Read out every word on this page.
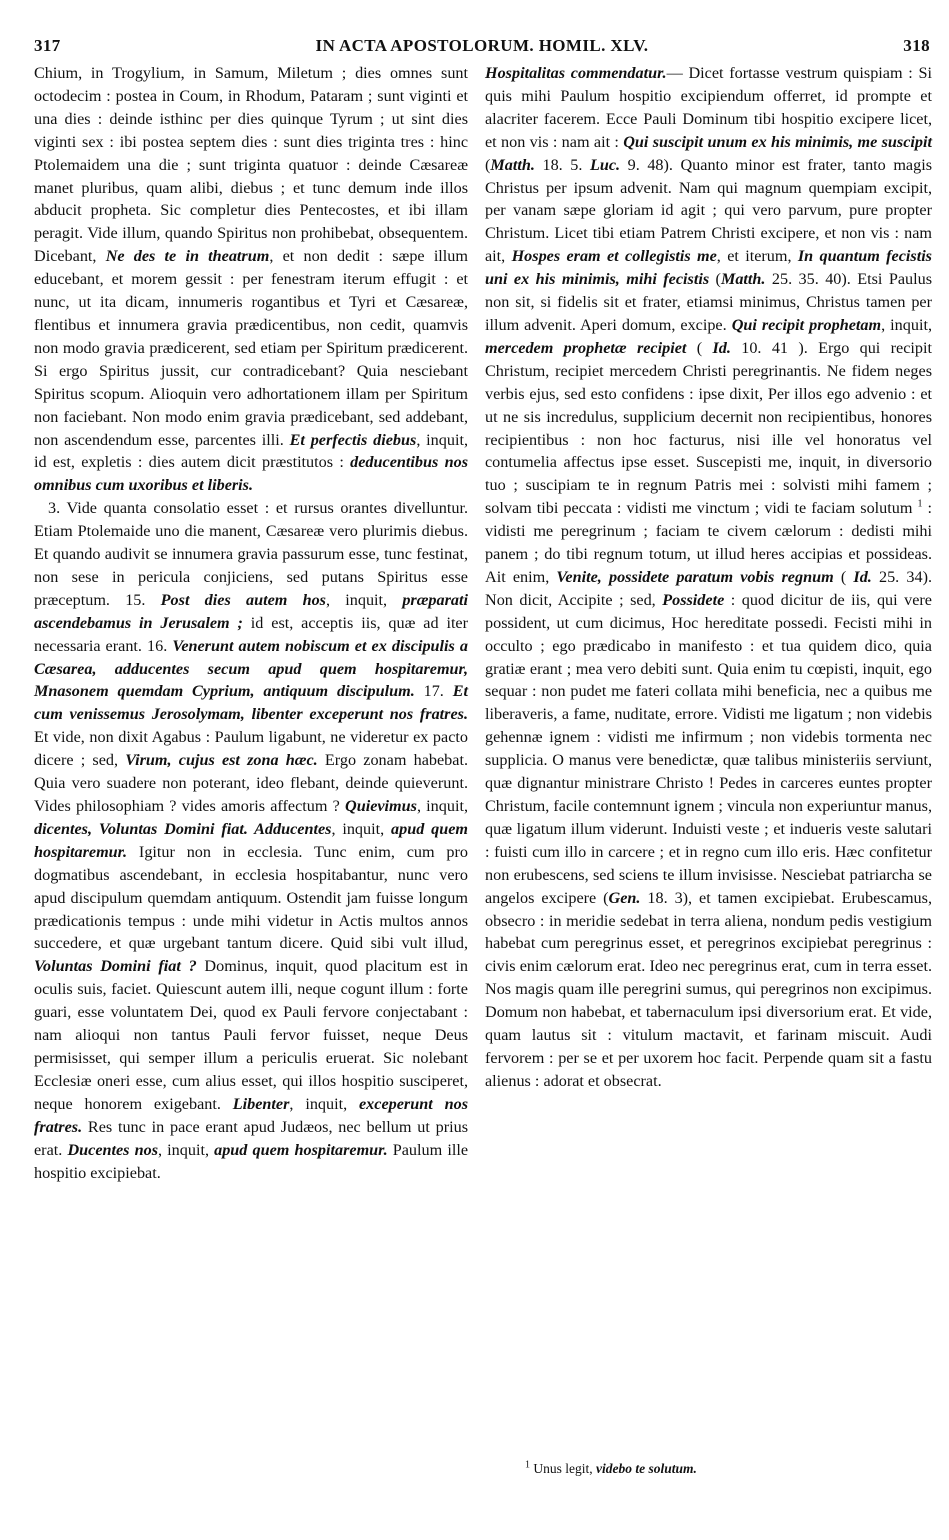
317	IN ACTA APOSTOLORUM. HOMIL. XLV.	318

Chium, in Trogylium, in Samum, Miletum ; dies omnes sunt octodecim : postea in Coum, in Rhodum, Pataram ; sunt viginti et una dies : deinde isthinc per dies quinque Tyrum ; ut sint dies viginti sex : ibi postea septem dies : sunt dies triginta tres : hinc Ptolemaidem una die ; sunt triginta quatuor : deinde Cæsareæ manet pluribus, quam alibi, diebus ; et tunc demum inde illos abducit propheta. Sic completur dies Pentecostes, et ibi illam peragit. Vide illum, quando Spiritus non prohibebat, obsequentem. Dicebant, Ne des te in theatrum, et non dedit : sæpe illum educebant, et morem gessit : per fenestram iterum effugit : et nunc, ut ita dicam, innumeris rogantibus et Tyri et Cæsareæ, flentibus et innumera gravia prædicentibus, non cedit, quamvis non modo gravia prædicerent, sed etiam per Spiritum prædicerent. Si ergo Spiritus jussit, cur contradicebant? Quia nesciebant Spiritus scopum. Alioquin vero adhortationem illam per Spiritum non faciebant. Non modo enim gravia prædicebant, sed addebant, non ascendendum esse, parcentes illi. Et perfectis diebus, inquit, id est, expletis : dies autem dicit præstitutos : deducentibus nos omnibus cum uxoribus et liberis.

3. Vide quanta consolatio esset : et rursus orantes divelluntur. Etiam Ptolemaide uno die manent, Cæsareæ vero plurimis diebus. Et quando audivit se innumera gravia passurum esse, tunc festinat, non sese in pericula conjiciens, sed putans Spiritus esse præceptum. 15. Post dies autem hos, inquit, præparati ascendebamus in Jerusalem ; id est, acceptis iis, quæ ad iter necessaria erant. 16. Venerunt autem nobiscum et ex discipulis a Cæsarea, adducentes secum apud quem hospitaremur, Mnasonem quemdam Cyprium, antiquum discipulum. 17. Et cum venissemus Jerosolymam, libenter exceperunt nos fratres. Et vide, non dixit Agabus : Paulum ligabunt, ne videretur ex pacto dicere ; sed, Virum, cujus est zona hæc. Ergo zonam habebat. Quia vero suadere non poterant, ideo flebant, deinde quieverunt. Vides philosophiam ? vides amoris affectum ? Quievimus, inquit, dicentes, Voluntas Domini fiat. Adducentes, inquit, apud quem hospitaremur. Igitur non in ecclesia. Tunc enim, cum pro dogmatibus ascendebant, in ecclesia hospitabantur, nunc vero apud discipulum quemdam antiquum. Ostendit jam fuisse longum prædicationis tempus : unde mihi videtur in Actis multos annos succedere, et quæ urgebant tantum dicere. Quid sibi vult illud, Voluntas Domini fiat ? Dominus, inquit, quod placitum est in oculis suis, faciet. Quiescunt autem illi, neque cogunt illum : forte guari, esse voluntatem Dei, quod ex Pauli fervore conjectabant : nam alioqui non tantus Pauli fervor fuisset, neque Deus permisisset, qui semper illum a periculis eruerat. Sic nolebant Ecclesiæ oneri esse, cum alius esset, qui illos hospitio susciperet, neque honorem exigebant. Libenter, inquit, exceperunt nos fratres. Res tunc in pace erant apud Judæos, nec bellum ut prius erat. Ducentes nos, inquit, apud quem hospitaremur. Paulum ille hospitio excipiebat.

Hospitalitas commendatur.— Dicet fortasse vestrum quispiam : Si quis mihi Paulum hospitio excipiendum offerret, id prompte et alacriter facerem. Ecce Pauli Dominum tibi hospitio excipere licet, et non vis : nam ait : Qui suscipit unum ex his minimis, me suscipit (Matth. 18. 5. Luc. 9. 48). Quanto minor est frater, tanto magis Christus per ipsum advenit. Nam qui magnum quempiam excipit, per vanam sæpe gloriam id agit ; qui vero parvum, pure propter Christum. Licet tibi etiam Patrem Christi excipere, et non vis : nam ait, Hospes eram et collegistis me, et iterum, In quantum fecistis uni ex his minimis, mihi fecistis (Matth. 25. 35. 40). Etsi Paulus non sit, si fidelis sit et frater, etiamsi minimus, Christus tamen per illum advenit. Aperi domum, excipe. Qui recipit prophetam, inquit, mercedem prophetæ recipiet ( Id. 10. 41 ). Ergo qui recipit Christum, recipiet mercedem Christi peregrinantis. Ne fidem neges verbis ejus, sed esto confidens : ipse dixit, Per illos ego advenio : et ut ne sis incredulus, supplicium decernit non recipientibus, honores recipientibus : non hoc facturus, nisi ille vel honoratus vel contumelia affectus ipse esset. Suscepisti me, inquit, in diversorio tuo ; suscipiam te in regnum Patris mei : solvisti mihi famem ; solvam tibi peccata : vidisti me vinctum ; vidi te faciam solutum $^1$ : vidisti me peregrinum ; faciam te civem cælorum : dedisti mihi panem ; do tibi regnum totum, ut illud heres accipias et possideas. Ait enim, Venite, possidete paratum vobis regnum ( Id. 25. 34). Non dicit, Accipite ; sed, Possidete : quod dicitur de iis, qui vere possident, ut cum dicimus, Hoc hereditate possedi. Fecisti mihi in occulto ; ego prædicabo in manifesto : et tua quidem dico, quia gratiæ erant ; mea vero debiti sunt. Quia enim tu cœpisti, inquit, ego sequar : non pudet me fateri collata mihi beneficia, nec a quibus me liberaveris, a fame, nuditate, errore. Vidisti me ligatum ; non videbis gehennæ ignem : vidisti me infirmum ; non videbis tormenta nec supplicia. O manus vere benedictæ, quæ talibus ministeriis serviunt, quæ dignantur ministrare Christo ! Pedes in carceres euntes propter Christum, facile contemnunt ignem ; vincula non experiuntur manus, quæ ligatum illum viderunt. Induisti veste ; et indueris veste salutari : fuisti cum illo in carcere ; et in regno cum illo eris. Hæc confitetur non erubescens, sed sciens te illum invisisse. Nesciebat patriarcha se angelos excipere (Gen. 18. 3), et tamen excipiebat. Erubescamus, obsecro : in meridie sedebat in terra aliena, nondum pedis vestigium habebat cum peregrinus esset, et peregrinos excipiebat peregrinus : civis enim cælorum erat. Ideo nec peregrinus erat, cum in terra esset. Nos magis quam ille peregrini sumus, qui peregrinos non excipimus. Domum non habebat, et tabernaculum ipsi diversorium erat. Et vide, quam lautus sit : vitulum mactavit, et farinam miscuit. Audi fervorem : per se et per uxorem hoc facit. Perpende quam sit a fastu alienus : adorat et obsecrat.

$^1$ Unus legit, videbo te solutum.
